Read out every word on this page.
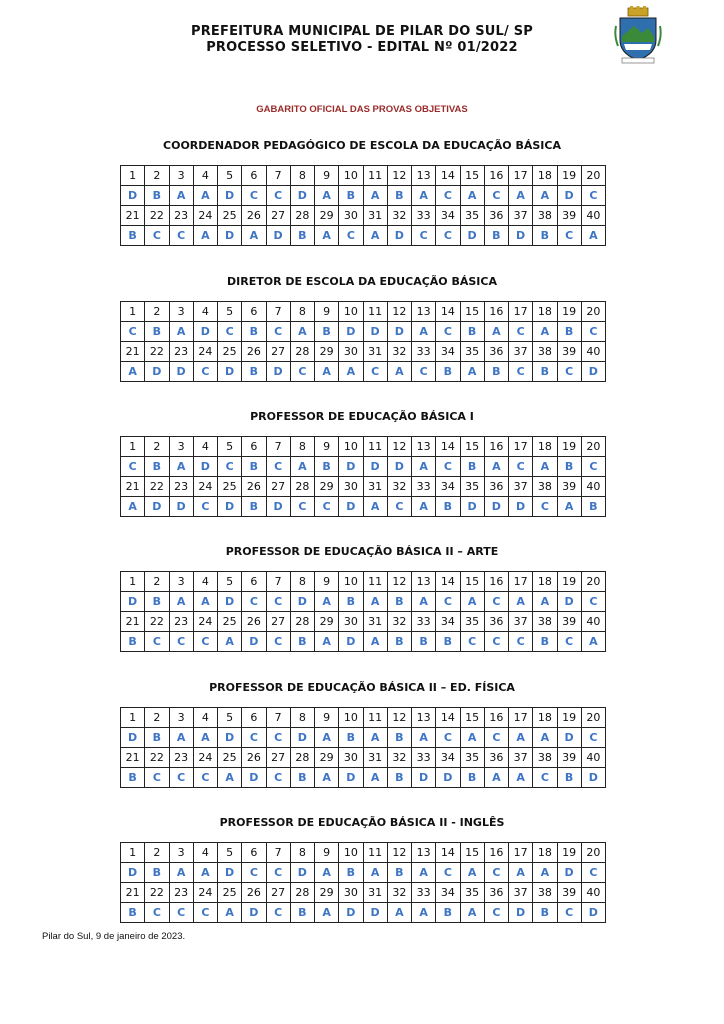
PREFEITURA MUNICIPAL DE PILAR DO SUL/ SP
PROCESSO SELETIVO - EDITAL Nº 01/2022
GABARITO OFICIAL DAS PROVAS OBJETIVAS
COORDENADOR PEDAGÓGICO DE ESCOLA DA EDUCAÇÃO BÁSICA
1	2	3	4	5	6	7	8	9	10	11	12	13	14	15	16	17	18	19	20
D	B	A	A	D	C	C	D	A	B	A	B	A	C	A	C	A	A	D	C
21	22	23	24	25	26	27	28	29	30	31	32	33	34	35	36	37	38	39	40
B	C	C	A	D	A	D	B	A	C	A	D	C	C	D	B	D	B	C	A
DIRETOR DE ESCOLA DA EDUCAÇÃO BÁSICA
1	2	3	4	5	6	7	8	9	10	11	12	13	14	15	16	17	18	19	20
C	B	A	D	C	B	C	A	B	D	D	D	A	C	B	A	C	A	B	C
21	22	23	24	25	26	27	28	29	30	31	32	33	34	35	36	37	38	39	40
A	D	D	C	D	B	D	C	A	A	C	A	C	B	A	B	C	B	C	D
PROFESSOR DE EDUCAÇÃO BÁSICA I
1	2	3	4	5	6	7	8	9	10	11	12	13	14	15	16	17	18	19	20
C	B	A	D	C	B	C	A	B	D	D	D	A	C	B	A	C	A	B	C
21	22	23	24	25	26	27	28	29	30	31	32	33	34	35	36	37	38	39	40
A	D	D	C	D	B	D	C	C	D	A	C	A	B	D	D	D	C	A	B
PROFESSOR DE EDUCAÇÃO BÁSICA II – ARTE
1	2	3	4	5	6	7	8	9	10	11	12	13	14	15	16	17	18	19	20
D	B	A	A	D	C	C	D	A	B	A	B	A	C	A	C	A	A	D	C
21	22	23	24	25	26	27	28	29	30	31	32	33	34	35	36	37	38	39	40
B	C	C	C	A	D	C	B	A	D	A	B	B	B	C	C	C	B	C	A
PROFESSOR DE EDUCAÇÃO BÁSICA II – ED. FÍSICA
1	2	3	4	5	6	7	8	9	10	11	12	13	14	15	16	17	18	19	20
D	B	A	A	D	C	C	D	A	B	A	B	A	C	A	C	A	A	D	C
21	22	23	24	25	26	27	28	29	30	31	32	33	34	35	36	37	38	39	40
B	C	C	C	A	D	C	B	A	D	A	B	D	D	B	A	A	C	B	D
PROFESSOR DE EDUCAÇÃO BÁSICA II - INGLÊS
1	2	3	4	5	6	7	8	9	10	11	12	13	14	15	16	17	18	19	20
D	B	A	A	D	C	C	D	A	B	A	B	A	C	A	C	A	A	D	C
21	22	23	24	25	26	27	28	29	30	31	32	33	34	35	36	37	38	39	40
B	C	C	C	A	D	C	B	A	D	D	A	A	B	A	C	D	B	C	D
Pilar do Sul, 9 de janeiro de 2023.
